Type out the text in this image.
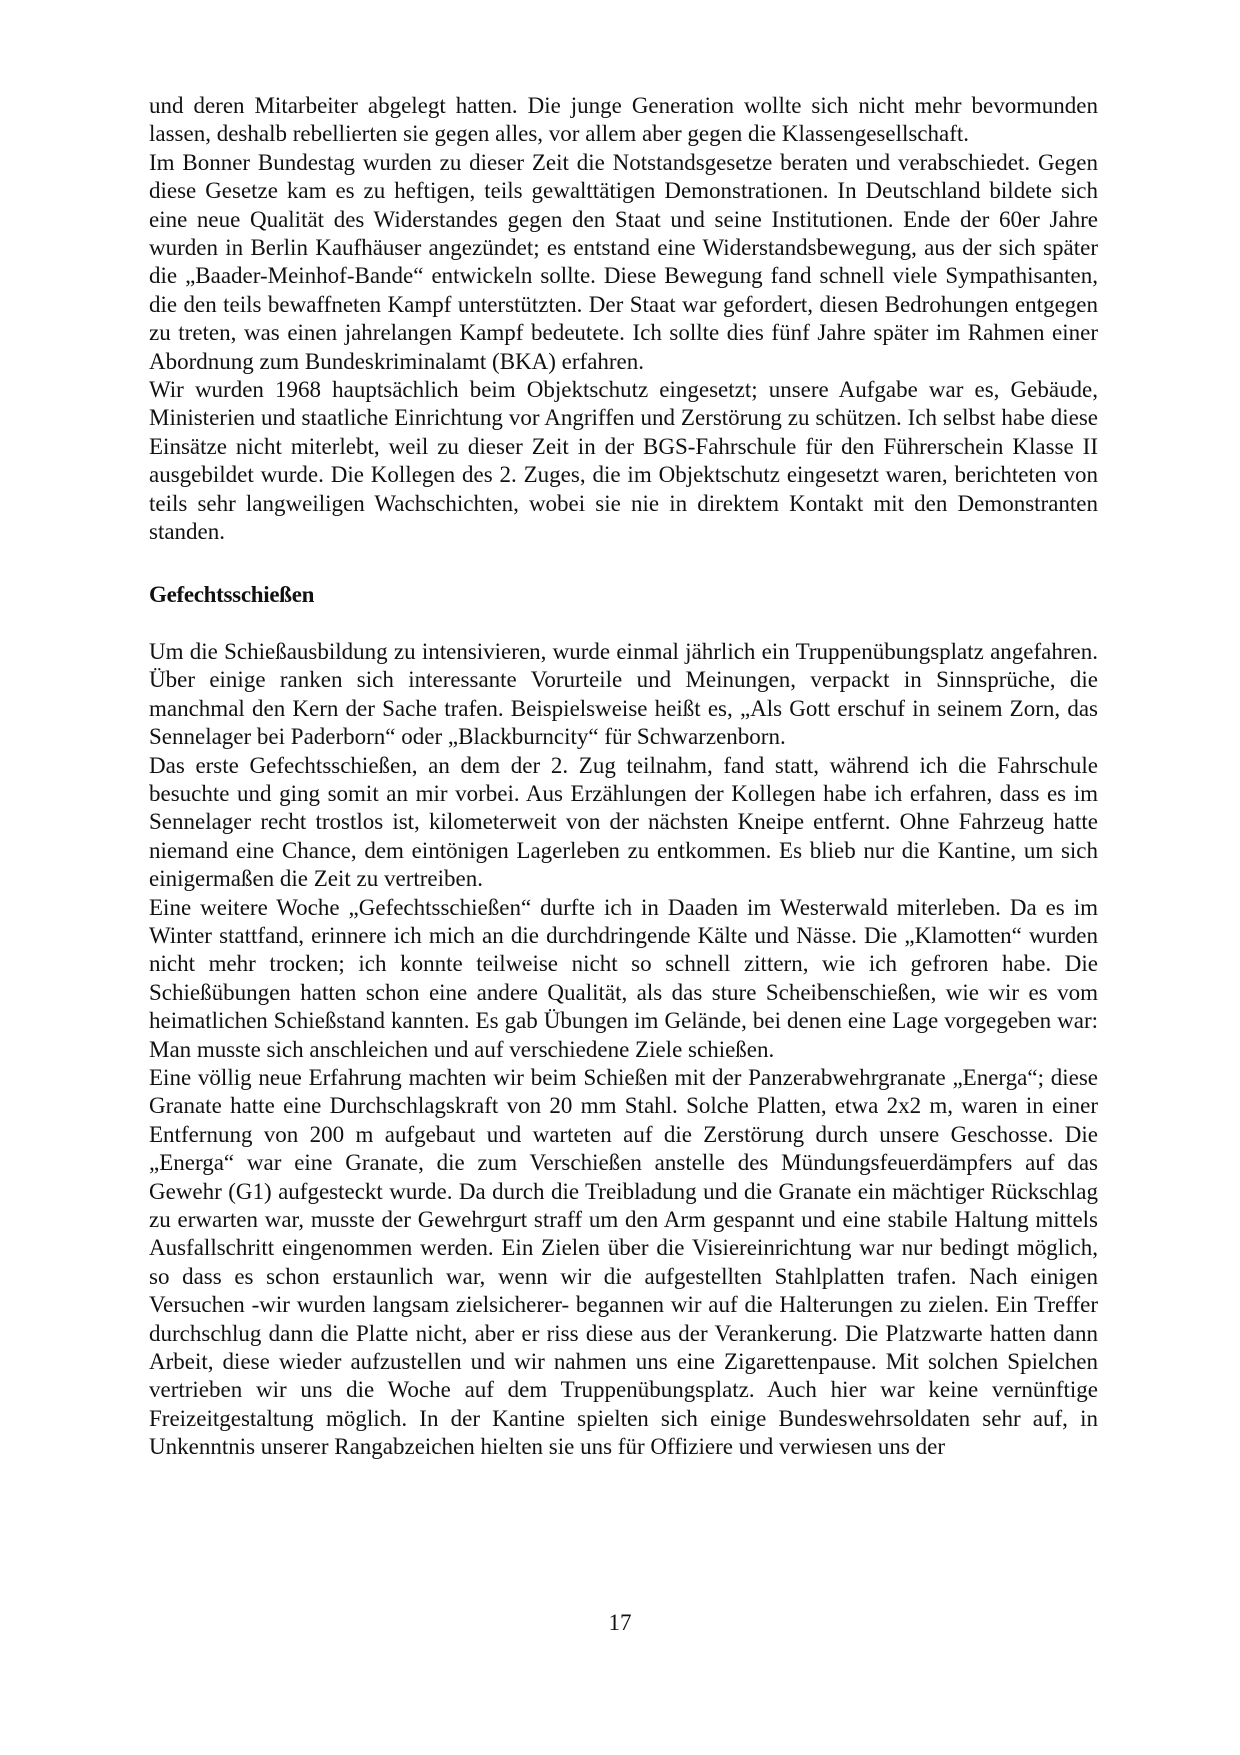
und deren Mitarbeiter abgelegt hatten. Die junge Generation wollte sich nicht mehr bevormunden lassen, deshalb rebellierten sie gegen alles, vor allem aber gegen die Klassengesellschaft.

Im Bonner Bundestag wurden zu dieser Zeit die Notstandsgesetze beraten und verabschiedet. Gegen diese Gesetze kam es zu heftigen, teils gewalttätigen Demonstrationen. In Deutschland bildete sich eine neue Qualität des Widerstandes gegen den Staat und seine Institutionen. Ende der 60er Jahre wurden in Berlin Kaufhäuser angezündet; es entstand eine Widerstandsbewegung, aus der sich später die „Baader-Meinhof-Bande“ entwickeln sollte. Diese Bewegung fand schnell viele Sympathisanten, die den teils bewaffneten Kampf unterstützten. Der Staat war gefordert, diesen Bedrohungen entgegen zu treten, was einen jahrelangen Kampf bedeutete. Ich sollte dies fünf Jahre später im Rahmen einer Abordnung zum Bundeskriminalamt (BKA) erfahren.

Wir wurden 1968 hauptsächlich beim Objektschutz eingesetzt; unsere Aufgabe war es, Gebäude, Ministerien und staatliche Einrichtung vor Angriffen und Zerstörung zu schützen. Ich selbst habe diese Einsätze nicht miterlebt, weil zu dieser Zeit in der BGS-Fahrschule für den Führerschein Klasse II ausgebildet wurde. Die Kollegen des 2. Zuges, die im Objektschutz eingesetzt waren, berichteten von teils sehr langweiligen Wachschichten, wobei sie nie in direktem Kontakt mit den Demonstranten standen.

Gefechtsschießen

Um die Schießausbildung zu intensivieren, wurde einmal jährlich ein Truppenübungsplatz angefahren. Über einige ranken sich interessante Vorurteile und Meinungen, verpackt in Sinnsprüche, die manchmal den Kern der Sache trafen. Beispielsweise heißt es, „Als Gott erschuf in seinem Zorn, das Sennelager bei Paderborn“ oder „Blackburncity“ für Schwarzenborn.

Das erste Gefechtsschießen, an dem der 2. Zug teilnahm, fand statt, während ich die Fahrschule besuchte und ging somit an mir vorbei. Aus Erzählungen der Kollegen habe ich erfahren, dass es im Sennelager recht trostlos ist, kilometerweit von der nächsten Kneipe entfernt. Ohne Fahrzeug hatte niemand eine Chance, dem eintönigen Lagerleben zu entkommen. Es blieb nur die Kantine, um sich einigermaßen die Zeit zu vertreiben.

Eine weitere Woche „Gefechtsschießen“ durfte ich in Daaden im Westerwald miterleben. Da es im Winter stattfand, erinnere ich mich an die durchdringende Kälte und Nässe. Die „Klamotten“ wurden nicht mehr trocken; ich konnte teilweise nicht so schnell zittern, wie ich gefroren habe. Die Schießübungen hatten schon eine andere Qualität, als das sture Scheibenschießen, wie wir es vom heimatlichen Schießstand kannten. Es gab Übungen im Gelände, bei denen eine Lage vorgegeben war: Man musste sich anschleichen und auf verschiedene Ziele schießen.

Eine völlig neue Erfahrung machten wir beim Schießen mit der Panzerabwehrgranate „Energa“; diese Granate hatte eine Durchschlagskraft von 20 mm Stahl. Solche Platten, etwa 2x2 m, waren in einer Entfernung von 200 m aufgebaut und warteten auf die Zerstörung durch unsere Geschosse. Die „Energa“ war eine Granate, die zum Verschießen anstelle des Mündungsfeuerdämpfers auf das Gewehr (G1) aufgesteckt wurde. Da durch die Treibladung und die Granate ein mächtiger Rückschlag zu erwarten war, musste der Gewehrgurt straff um den Arm gespannt und eine stabile Haltung mittels Ausfallschritt eingenommen werden. Ein Zielen über die Visiereinrichtung war nur bedingt möglich, so dass es schon erstaunlich war, wenn wir die aufgestellten Stahlplatten trafen. Nach einigen Versuchen -wir wurden langsam zielsicherer- begannen wir auf die Halterungen zu zielen. Ein Treffer durchschlug dann die Platte nicht, aber er riss diese aus der Verankerung. Die Platzwarte hatten dann Arbeit, diese wieder aufzustellen und wir nahmen uns eine Zigarettenpause. Mit solchen Spielchen vertrieben wir uns die Woche auf dem Truppenübungsplatz. Auch hier war keine vernünftige Freizeitgestaltung möglich. In der Kantine spielten sich einige Bundeswehrsoldaten sehr auf, in Unkenntnis unserer Rangabzeichen hielten sie uns für Offiziere und verwiesen uns der

17
